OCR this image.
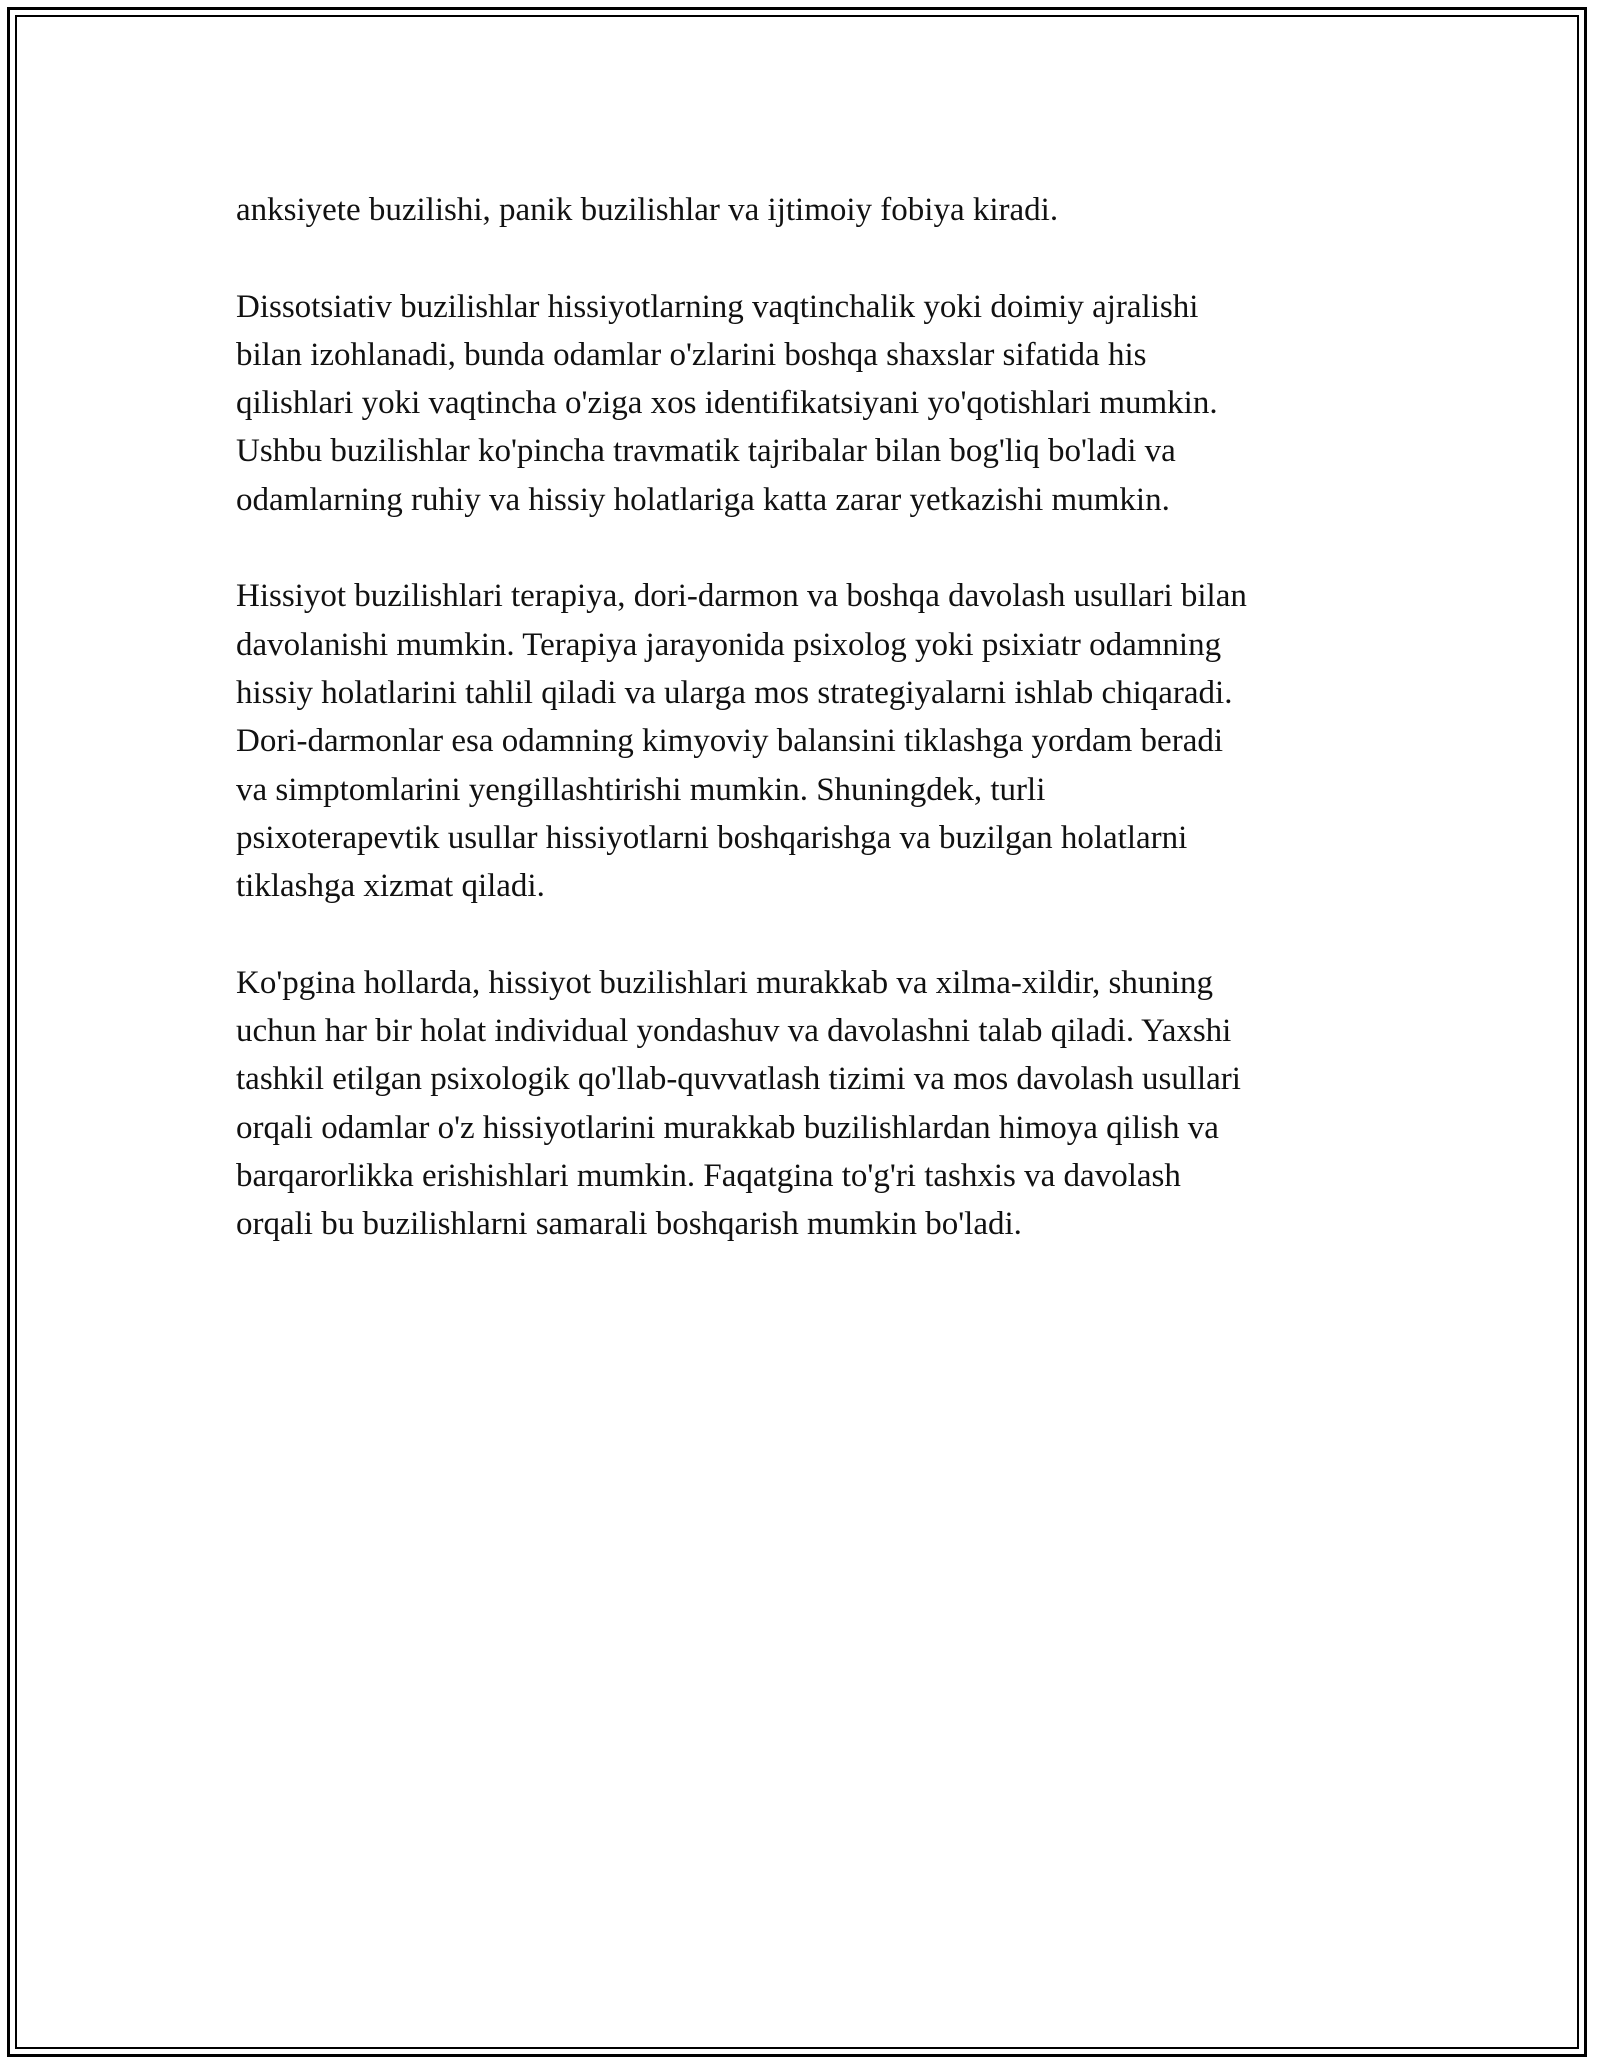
anksiyete buzilishi, panik buzilishlar va ijtimoiy fobiya kiradi.

Dissotsiativ buzilishlar hissiyotlarning vaqtinchalik yoki doimiy ajralishi
bilan izohlanadi, bunda odamlar o'zlarini boshqa shaxslar sifatida his
qilishlari yoki vaqtincha o'ziga xos identifikatsiyani yo'qotishlari mumkin.
Ushbu buzilishlar ko'pincha travmatik tajribalar bilan bog'liq bo'ladi va
odamlarning ruhiy va hissiy holatlariga katta zarar yetkazishi mumkin.

Hissiyot buzilishlari terapiya, dori-darmon va boshqa davolash usullari bilan
davolanishi mumkin. Terapiya jarayonida psixolog yoki psixiatr odamning
hissiy holatlarini tahlil qiladi va ularga mos strategiyalarni ishlab chiqaradi.
Dori-darmonlar esa odamning kimyoviy balansini tiklashga yordam beradi
va simptomlarini yengillashtirishi mumkin. Shuningdek, turli
psixoterapevtik usullar hissiyotlarni boshqarishga va buzilgan holatlarni
tiklashga xizmat qiladi.

Ko'pgina hollarda, hissiyot buzilishlari murakkab va xilma-xildir, shuning
uchun har bir holat individual yondashuv va davolashni talab qiladi. Yaxshi
tashkil etilgan psixologik qo'llab-quvvatlash tizimi va mos davolash usullari
orqali odamlar o'z hissiyotlarini murakkab buzilishlardan himoya qilish va
barqarorlikka erishishlari mumkin. Faqatgina to'g'ri tashxis va davolash
orqali bu buzilishlarni samarali boshqarish mumkin bo'ladi.
